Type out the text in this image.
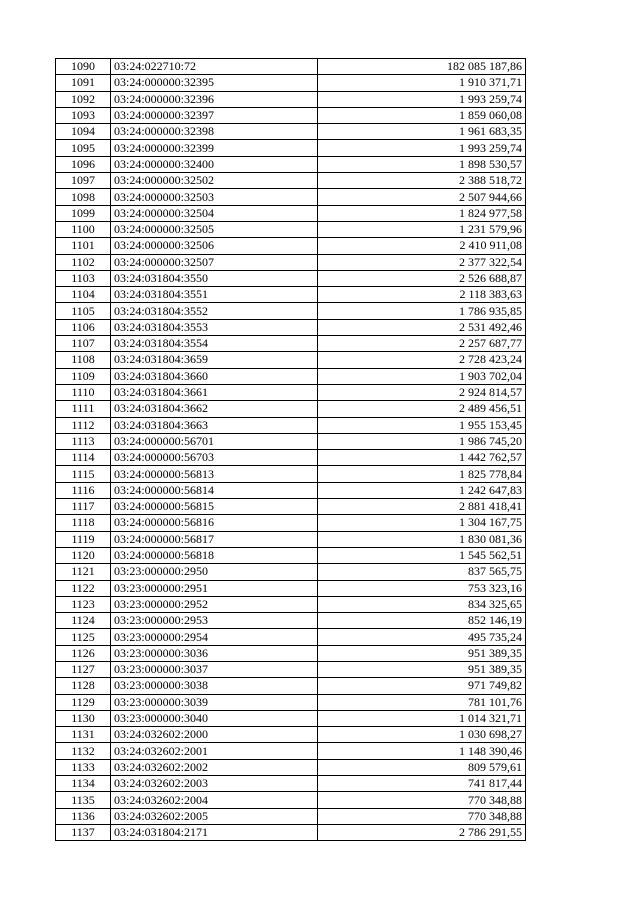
1090	03:24:022710:72	182 085 187,86
1091	03:24:000000:32395	1 910 371,71
1092	03:24:000000:32396	1 993 259,74
1093	03:24:000000:32397	1 859 060,08
1094	03:24:000000:32398	1 961 683,35
1095	03:24:000000:32399	1 993 259,74
1096	03:24:000000:32400	1 898 530,57
1097	03:24:000000:32502	2 388 518,72
1098	03:24:000000:32503	2 507 944,66
1099	03:24:000000:32504	1 824 977,58
1100	03:24:000000:32505	1 231 579,96
1101	03:24:000000:32506	2 410 911,08
1102	03:24:000000:32507	2 377 322,54
1103	03:24:031804:3550	2 526 688,87
1104	03:24:031804:3551	2 118 383,63
1105	03:24:031804:3552	1 786 935,85
1106	03:24:031804:3553	2 531 492,46
1107	03:24:031804:3554	2 257 687,77
1108	03:24:031804:3659	2 728 423,24
1109	03:24:031804:3660	1 903 702,04
1110	03:24:031804:3661	2 924 814,57
1111	03:24:031804:3662	2 489 456,51
1112	03:24:031804:3663	1 955 153,45
1113	03:24:000000:56701	1 986 745,20
1114	03:24:000000:56703	1 442 762,57
1115	03:24:000000:56813	1 825 778,84
1116	03:24:000000:56814	1 242 647,83
1117	03:24:000000:56815	2 881 418,41
1118	03:24:000000:56816	1 304 167,75
1119	03:24:000000:56817	1 830 081,36
1120	03:24:000000:56818	1 545 562,51
1121	03:23:000000:2950	837 565,75
1122	03:23:000000:2951	753 323,16
1123	03:23:000000:2952	834 325,65
1124	03:23:000000:2953	852 146,19
1125	03:23:000000:2954	495 735,24
1126	03:23:000000:3036	951 389,35
1127	03:23:000000:3037	951 389,35
1128	03:23:000000:3038	971 749,82
1129	03:23:000000:3039	781 101,76
1130	03:23:000000:3040	1 014 321,71
1131	03:24:032602:2000	1 030 698,27
1132	03:24:032602:2001	1 148 390,46
1133	03:24:032602:2002	809 579,61
1134	03:24:032602:2003	741 817,44
1135	03:24:032602:2004	770 348,88
1136	03:24:032602:2005	770 348,88
1137	03:24:031804:2171	2 786 291,55
